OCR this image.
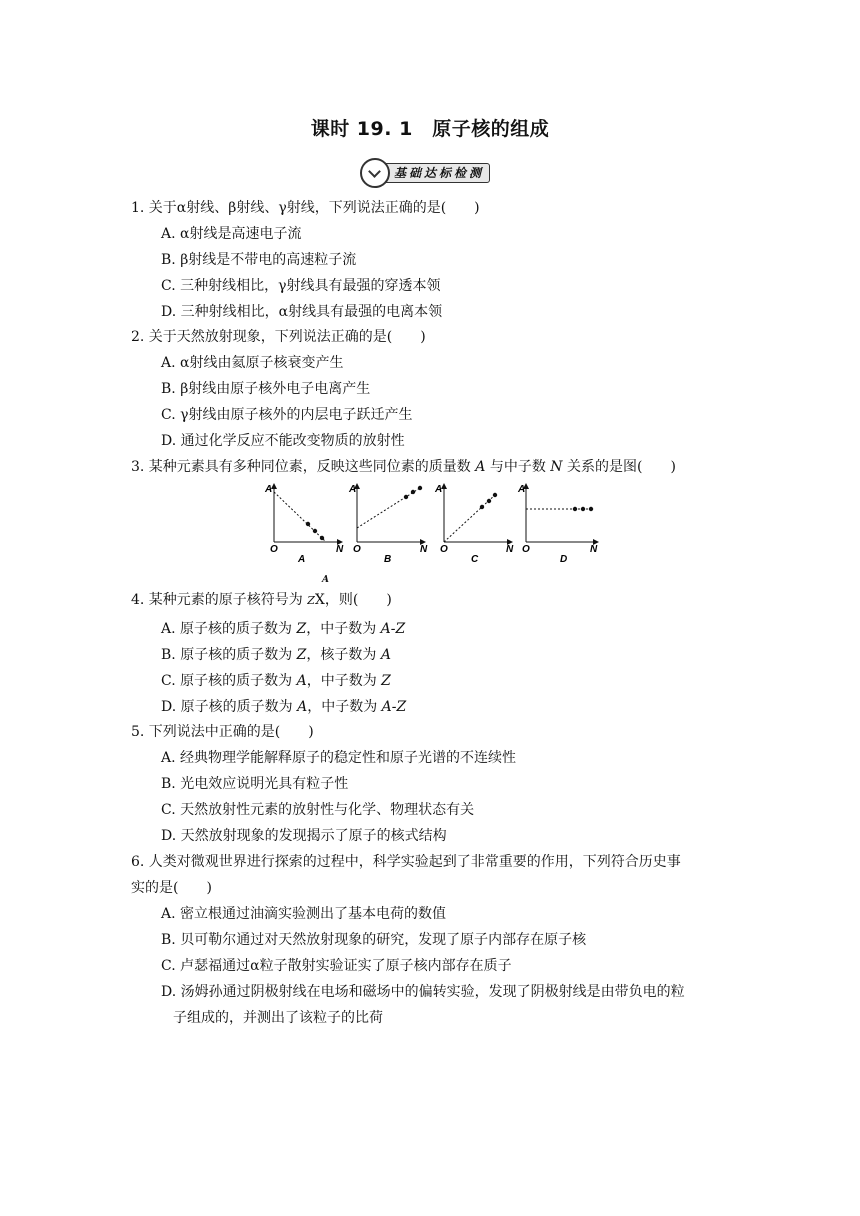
课时 19. 1　原子核的组成
基础达标检测
1. 关于α射线、β射线、γ射线，下列说法正确的是(　　)
A. α射线是高速电子流
B. β射线是不带电的高速粒子流
C. 三种射线相比，γ射线具有最强的穿透本领
D. 三种射线相比，α射线具有最强的电离本领
2. 关于天然放射现象，下列说法正确的是(　　)
A. α射线由氦原子核衰变产生
B. β射线由原子核外电子电离产生
C. γ射线由原子核外的内层电子跃迁产生
D. 通过化学反应不能改变物质的放射性
3. 某种元素具有多种同位素，反映这些同位素的质量数 A 与中子数 N 关系的是图(　　)
A
N
O
A
A
N
O
B
A
N
O
C
A
N
O
D
A
4. 某种元素的原子核符号为 ZX，则(　　)
A. 原子核的质子数为 Z，中子数为 A-Z
B. 原子核的质子数为 Z，核子数为 A
C. 原子核的质子数为 A，中子数为 Z
D. 原子核的质子数为 A，中子数为 A-Z
5. 下列说法中正确的是(　　)
A. 经典物理学能解释原子的稳定性和原子光谱的不连续性
B. 光电效应说明光具有粒子性
C. 天然放射性元素的放射性与化学、物理状态有关
D. 天然放射现象的发现揭示了原子的核式结构
6. 人类对微观世界进行探索的过程中，科学实验起到了非常重要的作用，下列符合历史事
实的是(　　)
A. 密立根通过油滴实验测出了基本电荷的数值
B. 贝可勒尔通过对天然放射现象的研究，发现了原子内部存在原子核
C. 卢瑟福通过α粒子散射实验证实了原子核内部存在质子
D. 汤姆孙通过阴极射线在电场和磁场中的偏转实验，发现了阴极射线是由带负电的粒
子组成的，并测出了该粒子的比荷
